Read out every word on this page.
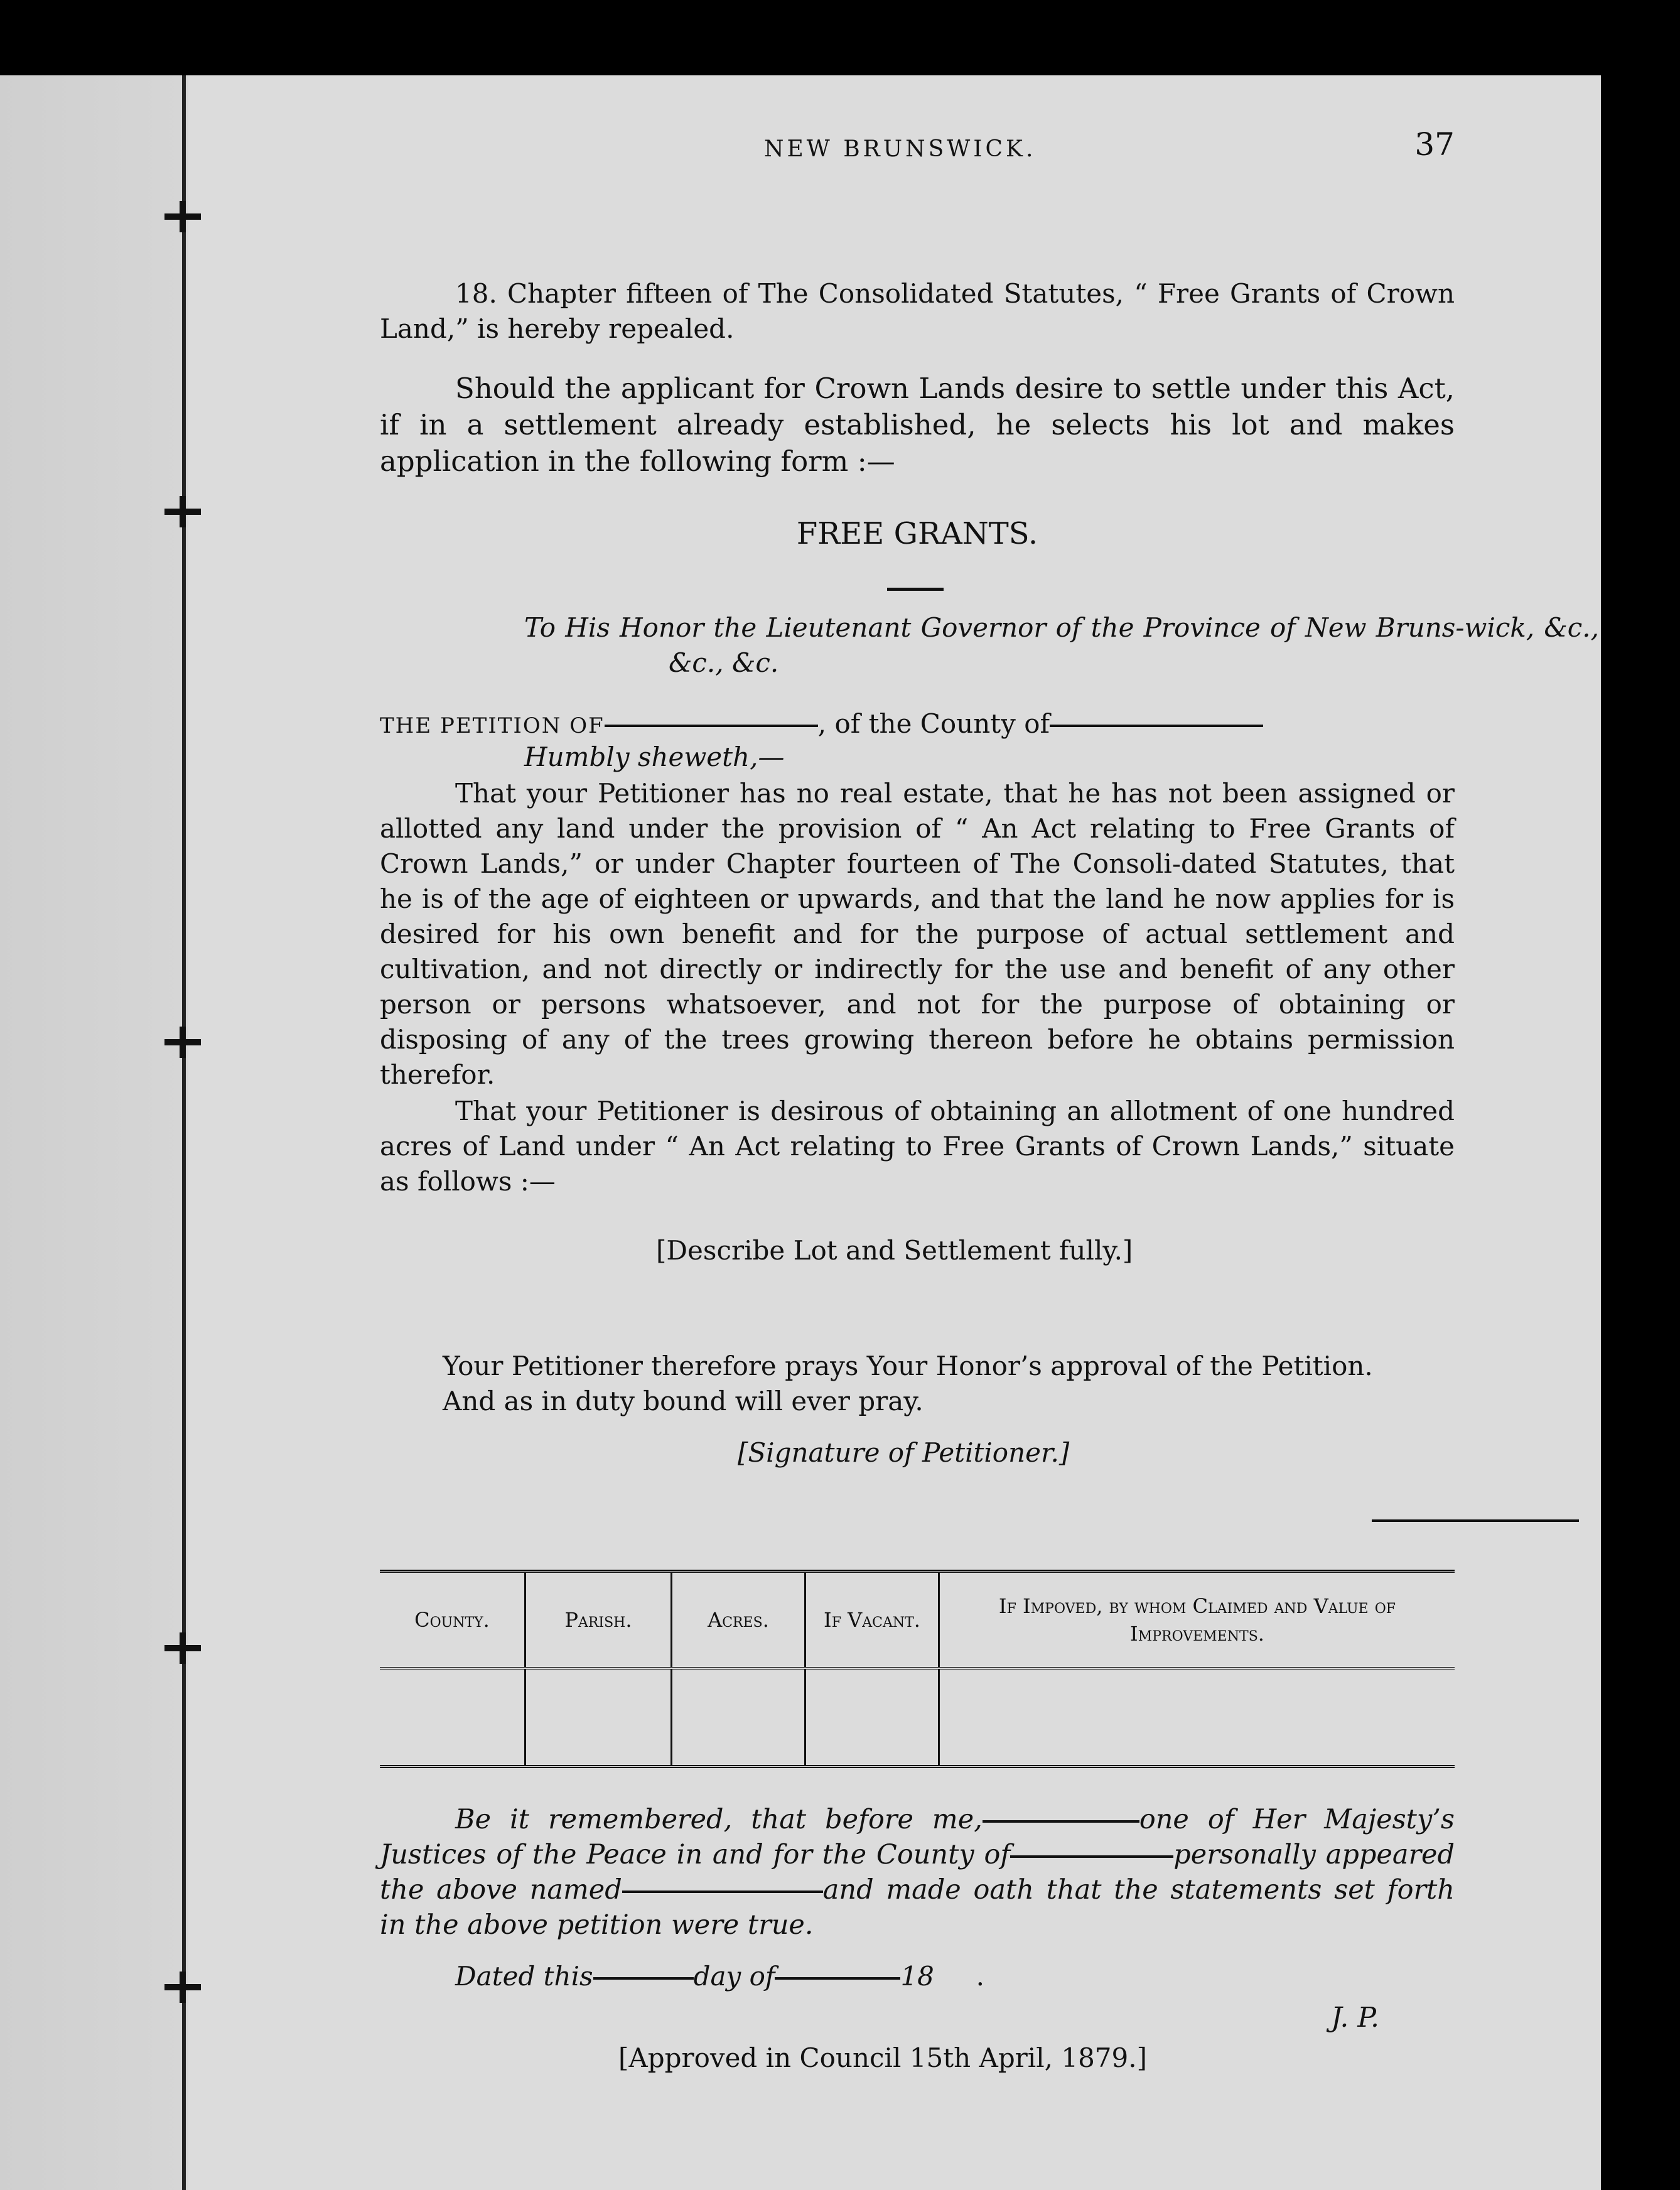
NEW BRUNSWICK.	37

18. Chapter fifteen of The Consolidated Statutes, “ Free Grants of Crown Land,” is hereby repealed.

Should the applicant for Crown Lands desire to settle under this Act, if in a settlement already established, he selects his lot and makes application in the following form :—

FREE GRANTS.

To His Honor the Lieutenant Governor of the Province of New Bruns-wick, &c., &c., &c.

THE PETITION OF	, of the County of
Humbly sheweth,—

That your Petitioner has no real estate, that he has not been assigned or allotted any land under the provision of “ An Act relating to Free Grants of Crown Lands,” or under Chapter fourteen of The Consoli-dated Statutes, that he is of the age of eighteen or upwards, and that the land he now applies for is desired for his own benefit and for the purpose of actual settlement and cultivation, and not directly or indirectly for the use and benefit of any other person or persons whatsoever, and not for the purpose of obtaining or disposing of any of the trees growing thereon before he obtains permission therefor.

That your Petitioner is desirous of obtaining an allotment of one hundred acres of Land under “ An Act relating to Free Grants of Crown Lands,” situate as follows :—

[Describe Lot and Settlement fully.]
Your Petitioner therefore prays Your Honor’s approval of the Petition.
And as in duty bound will ever pray.
[Signature of Petitioner.]
County.	Parish.	Acres.	If Vacant.	If Impoved, by whom Claimed and Value of Improvements.

Be it remembered, that before me,	one of Her Majesty’s Justices of the Peace in and for the County of	personally appeared the above named	and made oath that the statements set forth in the above petition were true.

Dated this	day of	18 .
J. P.
[Approved in Council 15th April, 1879.]
